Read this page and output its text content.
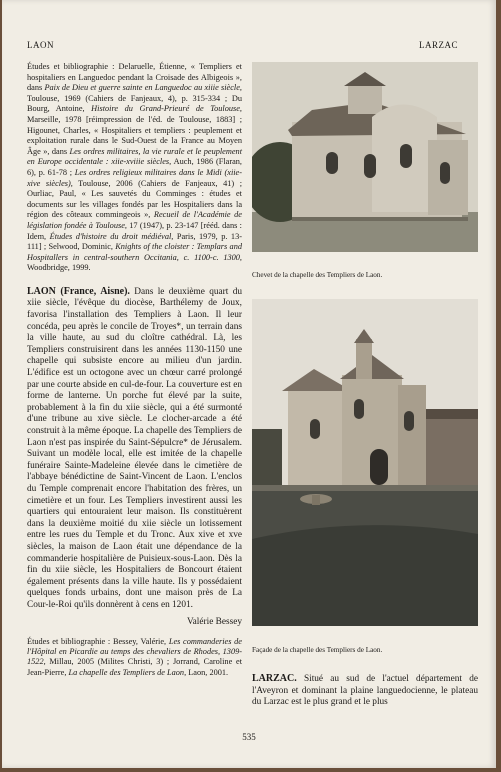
LAON	LARZAC

Études et bibliographie : Delaruelle, Étienne, « Templiers et hospitaliers en Languedoc pendant la Croisade des Albigeois », dans Paix de Dieu et guerre sainte en Languedoc au xiiie siècle, Toulouse, 1969 (Cahiers de Fanjeaux, 4), p. 315-334 ; Du Bourg, Antoine, Histoire du Grand-Prieuré de Toulouse, Marseille, 1978 [réimpression de l'éd. de Toulouse, 1883] ; Higounet, Charles, « Hospitaliers et templiers : peuplement et exploitation rurale dans le Sud-Ouest de la France au Moyen Âge », dans Les ordres militaires, la vie rurale et le peuplement en Europe occidentale : xiie-xviiie siècles, Auch, 1986 (Flaran, 6), p. 61-78 ; Les ordres religieux militaires dans le Midi (xiie-xive siècles), Toulouse, 2006 (Cahiers de Fanjeaux, 41) ; Ourliac, Paul, « Les sauvetés du Comminges : études et documents sur les villages fondés par les Hospitaliers dans la région des côteaux commingeois », Recueil de l'Académie de législation fondée à Toulouse, 17 (1947), p. 23-147 [rééd. dans : Idem, Études d'histoire du droit médiéval, Paris, 1979, p. 13-111] ; Selwood, Dominic, Knights of the cloister : Templars and Hospitallers in central-southern Occitania, c. 1100-c. 1300, Woodbridge, 1999.

LAON (France, Aisne). Dans le deuxième quart du xiie siècle, l'évêque du diocèse, Barthélemy de Joux, favorisa l'installation des Templiers à Laon. Il leur concéda, peu après le concile de Troyes*, un terrain dans la ville haute, au sud du cloître cathédral. Là, les Templiers construisirent dans les années 1130-1150 une chapelle qui subsiste encore au milieu d'un jardin. L'édifice est un octogone avec un chœur carré prolongé par une courte abside en cul-de-four. La couverture est en forme de lanterne. Un porche fut élevé par la suite, probablement à la fin du xiie siècle, qui a été surmonté d'une tribune au xive siècle. Le clocher-arcade a été construit à la même époque. La chapelle des Templiers de Laon n'est pas inspirée du Saint-Sépulcre* de Jérusalem. Suivant un modèle local, elle est imitée de la chapelle funéraire Sainte-Madeleine élevée dans le cimetière de l'abbaye bénédictine de Saint-Vincent de Laon. L'enclos du Temple comprenait encore l'habitation des frères, un cimetière et un four. Les Templiers investirent aussi les quartiers qui entouraient leur maison. Ils constituèrent dans la deuxième moitié du xiie siècle un lotissement entre les rues du Temple et du Tronc. Aux xive et xve siècles, la maison de Laon était une dépendance de la commanderie hospitalière de Puisieux-sous-Laon. Dès la fin du xiie siècle, les Hospitaliers de Boncourt étaient également présents dans la ville haute. Ils y possédaient quelques fonds urbains, dont une maison près de La Cour-le-Roi qu'ils donnèrent à cens en 1201.

Valérie Bessey

Études et bibliographie : Bessey, Valérie, Les commanderies de l'Hôpital en Picardie au temps des chevaliers de Rhodes, 1309-1522, Millau, 2005 (Milites Christi, 3) ; Jorrand, Caroline et Jean-Pierre, La chapelle des Templiers de Laon, Laon, 2001.

Chevet de la chapelle des Templiers de Laon.

Façade de la chapelle des Templiers de Laon.

LARZAC. Situé au sud de l'actuel département de l'Aveyron et dominant la plaine languedocienne, le plateau du Larzac est le plus grand et le plus

535
